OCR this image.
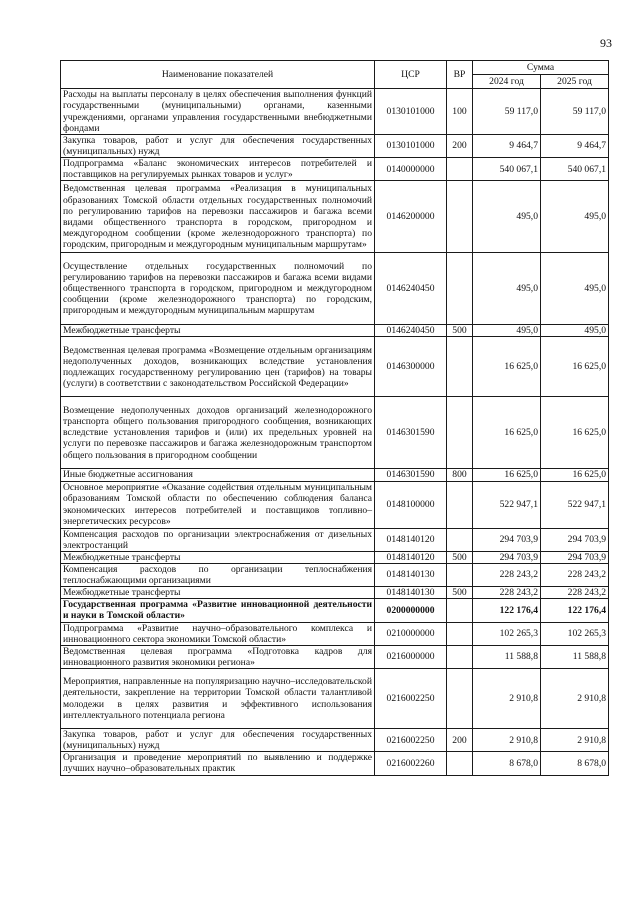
93
Наименование показателей	ЦСР	ВР	Сумма	
			2024 год	2025 год
Расходы на выплаты персоналу в целях обеспечения выполнения функций государственными (муниципальными) органами, казенными учреждениями, органами управления государственными внебюджетными фондами	0130101000	100	59 117,0	59 117,0
Закупка товаров, работ и услуг для обеспечения государственных (муниципальных) нужд	0130101000	200	9 464,7	9 464,7
Подпрограмма «Баланс экономических интересов потребителей и поставщиков на регулируемых рынках товаров и услуг»	0140000000		540 067,1	540 067,1
Ведомственная целевая программа «Реализация в муниципальных образованиях Томской области отдельных государственных полномочий по регулированию тарифов на перевозки пассажиров и багажа всеми видами общественного транспорта в городском, пригородном и междугородном сообщении (кроме железнодорожного транспорта) по городским, пригородным и междугородным муниципальным маршрутам»	0146200000		495,0	495,0
Осуществление отдельных государственных полномочий по регулированию тарифов на перевозки пассажиров и багажа всеми видами общественного транспорта в городском, пригородном и междугородном сообщении (кроме железнодорожного транспорта) по городским, пригородным и междугородным муниципальным маршрутам	0146240450		495,0	495,0
Межбюджетные трансферты	0146240450	500	495,0	495,0
Ведомственная целевая программа «Возмещение отдельным организациям недополученных доходов, возникающих вследствие установления подлежащих государственному регулированию цен (тарифов) на товары (услуги) в соответствии с законодательством Российской Федерации»	0146300000		16 625,0	16 625,0
Возмещение недополученных доходов организаций железнодорожного транспорта общего пользования пригородного сообщения, возникающих вследствие установления тарифов и (или) их предельных уровней на услуги по перевозке пассажиров и багажа железнодорожным транспортом общего пользования в пригородном сообщении	0146301590		16 625,0	16 625,0
Иные бюджетные ассигнования	0146301590	800	16 625,0	16 625,0
Основное мероприятие «Оказание содействия отдельным муниципальным образованиям Томской области по обеспечению соблюдения баланса экономических интересов потребителей и поставщиков топливно–энергетических ресурсов»	0148100000		522 947,1	522 947,1
Компенсация расходов по организации электроснабжения от дизельных электростанций	0148140120		294 703,9	294 703,9
Межбюджетные трансферты	0148140120	500	294 703,9	294 703,9
Компенсация расходов по организации теплоснабжения теплоснабжающими организациями	0148140130		228 243,2	228 243,2
Межбюджетные трансферты	0148140130	500	228 243,2	228 243,2
Государственная программа «Развитие инновационной деятельности и науки в Томской области»	0200000000		122 176,4	122 176,4
Подпрограмма «Развитие научно–образовательного комплекса и инновационного сектора экономики Томской области»	0210000000		102 265,3	102 265,3
Ведомственная целевая программа «Подготовка кадров для инновационного развития экономики региона»	0216000000		11 588,8	11 588,8
Мероприятия, направленные на популяризацию научно–исследовательской деятельности, закрепление на территории Томской области талантливой молодежи в целях развития и эффективного использования интеллектуального потенциала региона	0216002250		2 910,8	2 910,8
Закупка товаров, работ и услуг для обеспечения государственных (муниципальных) нужд	0216002250	200	2 910,8	2 910,8
Организация и проведение мероприятий по выявлению и поддержке лучших научно–образовательных практик	0216002260		8 678,0	8 678,0
